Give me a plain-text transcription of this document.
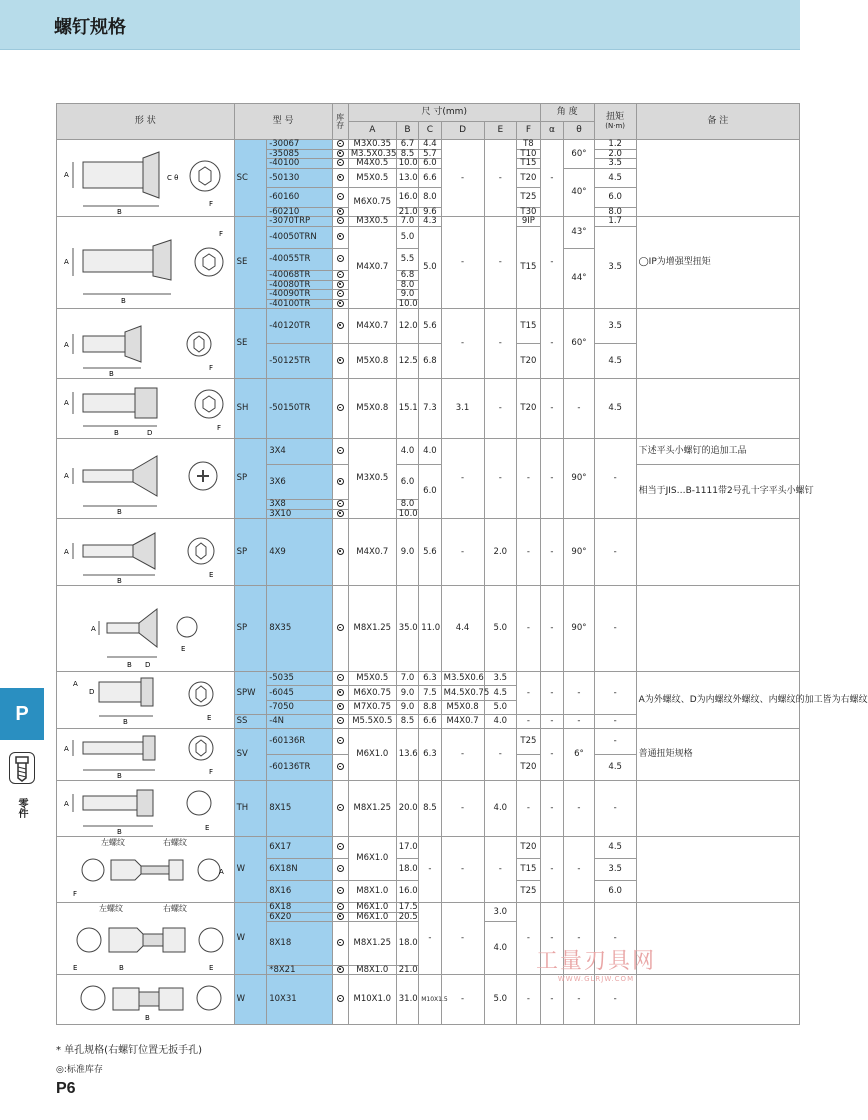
螺钉规格
P
零件
形 状	型 号		库存	尺 寸(mm)						角 度		扭矩
(N·m)	备 注
				A	B	C	D	E	F	α	θ		

A
B
F
C θ	SC	-30067		M3X0.35	6.7	4.4	-	-	T8	-	60°	1.2	
		-35085		M3.5X0.35	8.5	5.7			T10			2.0	
		-40100		M4X0.5	10.0	6.0			T15			3.5	
		-50130		M5X0.5	13.0	6.6			T20		40°	4.5	
		-60160		M6X0.75	16.0	8.0			T25			6.0	
		-60210			21.0	9.6			T30			8.0	

A
B
F	SE	-3070TRP		M3X0.5	7.0	4.3	-	-	9IP	-	43°	1.7	◯IP为增强型扭矩
		-40050TRN		M4X0.7	5.0	5.0			T15			3.5	
		-40055TR			5.5						44°		
		-40068TR			6.8								
		-40080TR			8.0								
		-40090TR			9.0								
		-40100TR			10.0								

A
B
F	SE	-40120TR		M4X0.7	12.0	5.6	-	-	T15	-	60°	3.5	
		-50125TR		M5X0.8	12.5	6.8			T20			4.5	

A
B D
F	SH	-50150TR		M5X0.8	15.1	7.3	3.1	-	T20	-	-	4.5	

A
B	SP	3X4		M3X0.5	4.0	4.0	-	-	-	-	90°	-	下述平头小螺钉的追加工品
		3X6			6.0	6.0							相当于JIS…B-1111带2号孔十字平头小螺钉
		3X8			8.0								
		3X10			10.0								

A
B
E	SP	4X9		M4X0.7	9.0	5.6	-	2.0	-	-	90°	-	

A
B D
E	SP	8X35		M8X1.25	35.0	11.0	4.4	5.0	-	-	90°	-	

A
D
B E	SPW	-5035		M5X0.5	7.0	6.3	M3.5X0.6	3.5	-	-	-	-	A为外螺纹、D为内螺纹外螺纹、内螺纹的加工皆为右螺纹
		-6045		M6X0.75	9.0	7.5	M4.5X0.75	4.5					
		-7050		M7X0.75	9.0	8.8	M5X0.8	5.0					
	SS	-4N		M5.5X0.5	8.5	6.6	M4X0.7	4.0	-	-	-	-	

A
B F	SV	-60136R		M6X1.0	13.6	6.3	-	-	T25	-	6°	-	普通扭矩规格
		-60136TR							T20			4.5	

A
B E	TH	8X15		M8X1.25	20.0	8.5	-	4.0	-	-	-	-	

左螺纹 右螺纹
F
A	W	6X17		M6X1.0	17.0	-	-	-	T20	-	-	4.5	
		6X18N			18.0				T15			3.5	
		8X16		M8X1.0	16.0				T25			6.0	

左螺纹 右螺纹
E B E	W	6X18		M6X1.0	17.5	-	-	3.0	-	-	-	-	
		6X20		M6X1.0	20.5								
		8X18		M8X1.25	18.0			4.0					
		*8X21		M8X1.0	21.0								

B	W	10X31		M10X1.0	31.0	M10X1.5	-	5.0	-	-	-	-	
* 单孔规格(右螺钉位置无扳手孔)
◎:标准库存
P6
工量刃具网
WWW.GLRJW.COM
